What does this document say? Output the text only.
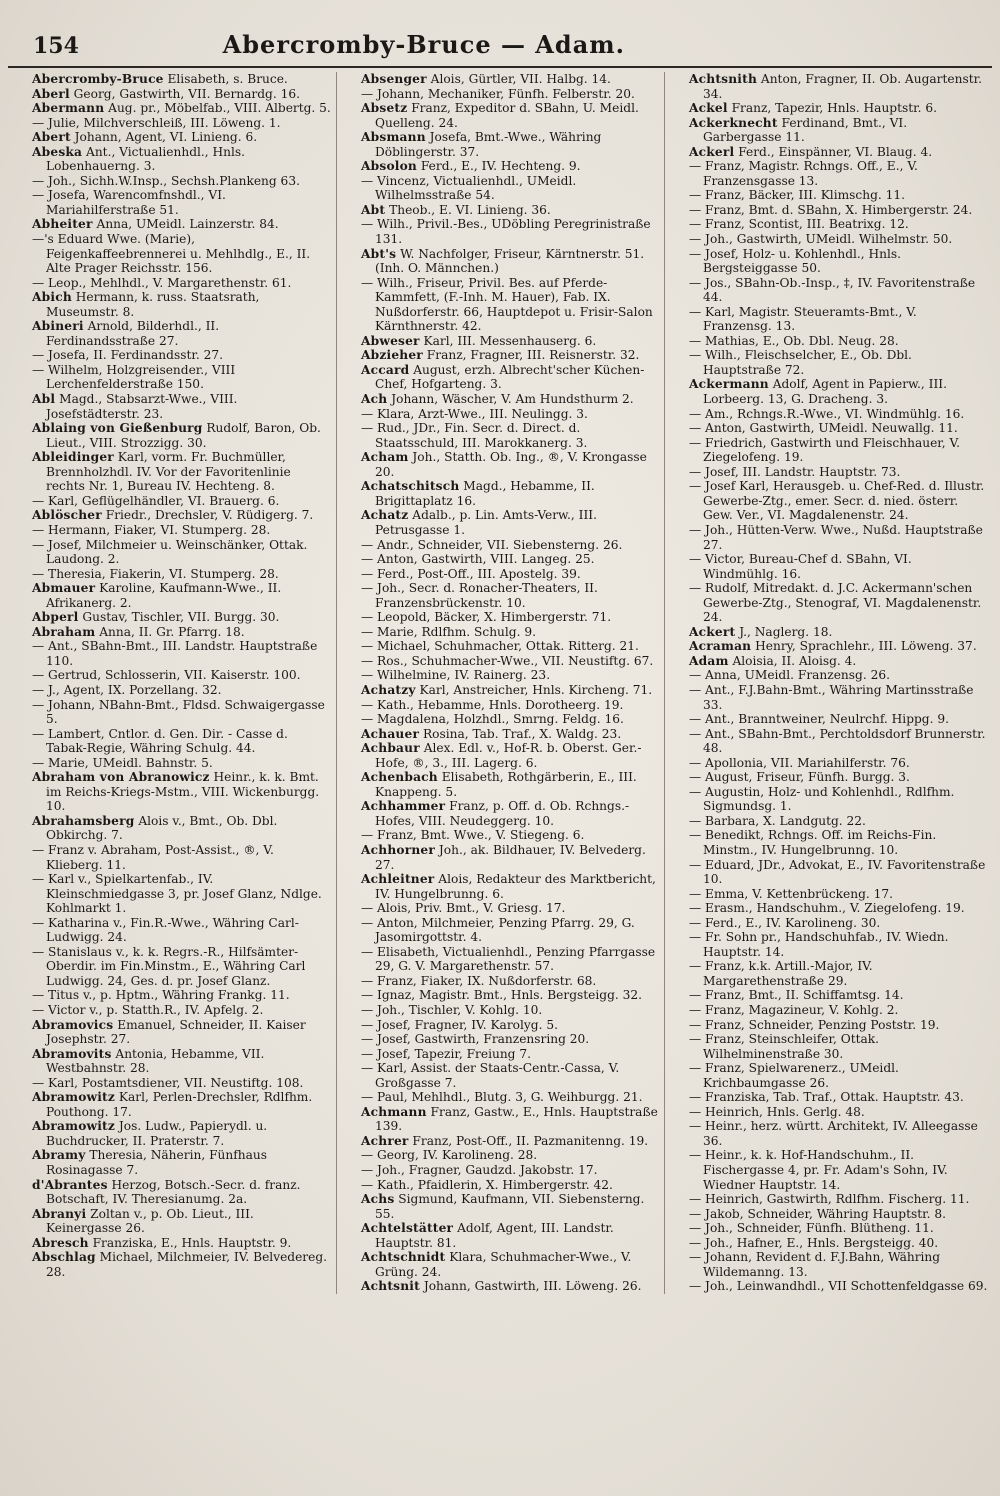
154	Abercromby-Bruce — Adam.

Abercromby-Bruce Elisabeth, s. Bruce.

Aberl Georg, Gastwirth, VII. Bernardg. 16.

Abermann Aug. pr., Möbelfab., VIII. Albertg. 5.

— Julie, Milchverschleiß, III. Löweng. 1.

Abert Johann, Agent, VI. Linieng. 6.

Abeska Ant., Victualienhdl., Hnls. Lobenhauerng. 3.

— Joh., Sichh.W.Insp., Sechsh.Plankeng 63.

— Josefa, Warencomfnshdl., VI. Mariahilferstraße 51.

Abheiter Anna, UMeidl. Lainzerstr. 84.

—'s Eduard Wwe. (Marie), Feigenkaffeebrennerei u. Mehlhdlg., E., II. Alte Prager Reichsstr. 156.

— Leop., Mehlhdl., V. Margarethenstr. 61.

Abich Hermann, k. russ. Staatsrath, Museumstr. 8.

Abineri Arnold, Bilderhdl., II. Ferdinandsstraße 27.

— Josefa, II. Ferdinandsstr. 27.

— Wilhelm, Holzgreisender., VIII Lerchenfelderstraße 150.

Abl Magd., Stabsarzt-Wwe., VIII. Josefstädterstr. 23.

Ablaing von Gießenburg Rudolf, Baron, Ob. Lieut., VIII. Strozzigg. 30.

Ableidinger Karl, vorm. Fr. Buchmüller, Brennholzhdl. IV. Vor der Favoritenlinie rechts Nr. 1, Bureau IV. Hechteng. 8.

— Karl, Geflügelhändler, VI. Brauerg. 6.

Ablöscher Friedr., Drechsler, V. Rüdigerg. 7.

— Hermann, Fiaker, VI. Stumperg. 28.

— Josef, Milchmeier u. Weinschänker, Ottak. Laudong. 2.

— Theresia, Fiakerin, VI. Stumperg. 28.

Abmauer Karoline, Kaufmann-Wwe., II. Afrikanerg. 2.

Abperl Gustav, Tischler, VII. Burgg. 30.

Abraham Anna, II. Gr. Pfarrg. 18.

— Ant., SBahn-Bmt., III. Landstr. Hauptstraße 110.

— Gertrud, Schlosserin, VII. Kaiserstr. 100.

— J., Agent, IX. Porzellang. 32.

— Johann, NBahn-Bmt., Fldsd. Schwaigergasse 5.

— Lambert, Cntlor. d. Gen. Dir. - Casse d. Tabak-Regie, Währing Schulg. 44.

— Marie, UMeidl. Bahnstr. 5.

Abraham von Abranowicz Heinr., k. k. Bmt. im Reichs-Kriegs-Mstm., VIII. Wickenburgg. 10.

Abrahamsberg Alois v., Bmt., Ob. Dbl. Obkirchg. 7.

— Franz v. Abraham, Post-Assist., ®, V. Klieberg. 11.

— Karl v., Spielkartenfab., IV. Kleinschmiedgasse 3, pr. Josef Glanz, Ndlge. Kohlmarkt 1.

— Katharina v., Fin.R.-Wwe., Währing Carl-Ludwigg. 24.

— Stanislaus v., k. k. Regrs.-R., Hilfsämter-Oberdir. im Fin.Minstm., E., Währing Carl Ludwigg. 24, Ges. d. pr. Josef Glanz.

— Titus v., p. Hptm., Währing Frankg. 11.

— Victor v., p. Statth.R., IV. Apfelg. 2.

Abramovics Emanuel, Schneider, II. Kaiser Josephstr. 27.

Abramovits Antonia, Hebamme, VII. Westbahnstr. 28.

— Karl, Postamtsdiener, VII. Neustiftg. 108.

Abramowitz Karl, Perlen-Drechsler, Rdlfhm. Pouthong. 17.

Abramowitz Jos. Ludw., Papierydl. u. Buchdrucker, II. Praterstr. 7.

Abramy Theresia, Näherin, Fünfhaus Rosinagasse 7.

d'Abrantes Herzog, Botsch.-Secr. d. franz. Botschaft, IV. Theresianumg. 2a.

Abranyi Zoltan v., p. Ob. Lieut., III. Keinergasse 26.

Abresch Franziska, E., Hnls. Hauptstr. 9.

Abschlag Michael, Milchmeier, IV. Belvedereg. 28.

Absenger Alois, Gürtler, VII. Halbg. 14.

— Johann, Mechaniker, Fünfh. Felberstr. 20.

Absetz Franz, Expeditor d. SBahn, U. Meidl. Quelleng. 24.

Absmann Josefa, Bmt.-Wwe., Währing Döblingerstr. 37.

Absolon Ferd., E., IV. Hechteng. 9.

— Vincenz, Victualienhdl., UMeidl. Wilhelmsstraße 54.

Abt Theob., E. VI. Linieng. 36.

— Wilh., Privil.-Bes., UDöbling Peregrinistraße 131.

Abt's W. Nachfolger, Friseur, Kärntnerstr. 51. (Inh. O. Männchen.)

— Wilh., Friseur, Privil. Bes. auf Pferde-Kammfett, (F.-Inh. M. Hauer), Fab. IX. Nußdorferstr. 66, Hauptdepot u. Frisir-Salon Kärnthnerstr. 42.

Abweser Karl, III. Messenhauserg. 6.

Abzieher Franz, Fragner, III. Reisnerstr. 32.

Accard August, erzh. Albrecht'scher Küchen-Chef, Hofgarteng. 3.

Ach Johann, Wäscher, V. Am Hundsthurm 2.

— Klara, Arzt-Wwe., III. Neulingg. 3.

— Rud., JDr., Fin. Secr. d. Direct. d. Staatsschuld, III. Marokkanerg. 3.

Acham Joh., Statth. Ob. Ing., ®, V. Krongasse 20.

Achatschitsch Magd., Hebamme, II. Brigittaplatz 16.

Achatz Adalb., p. Lin. Amts-Verw., III. Petrusgasse 1.

— Andr., Schneider, VII. Siebensterng. 26.

— Anton, Gastwirth, VIII. Langeg. 25.

— Ferd., Post-Off., III. Apostelg. 39.

— Joh., Secr. d. Ronacher-Theaters, II. Franzensbrückenstr. 10.

— Leopold, Bäcker, X. Himbergerstr. 71.

— Marie, Rdlfhm. Schulg. 9.

— Michael, Schuhmacher, Ottak. Ritterg. 21.

— Ros., Schuhmacher-Wwe., VII. Neustiftg. 67.

— Wilhelmine, IV. Rainerg. 23.

Achatzy Karl, Anstreicher, Hnls. Kircheng. 71.

— Kath., Hebamme, Hnls. Dorotheerg. 19.

— Magdalena, Holzhdl., Smrng. Feldg. 16.

Achauer Rosina, Tab. Traf., X. Waldg. 23.

Achbaur Alex. Edl. v., Hof-R. b. Oberst. Ger.-Hofe, ®, 3., III. Lagerg. 6.

Achenbach Elisabeth, Rothgärberin, E., III. Knappeng. 5.

Achhammer Franz, p. Off. d. Ob. Rchngs.-Hofes, VIII. Neudeggerg. 10.

— Franz, Bmt. Wwe., V. Stiegeng. 6.

Achhorner Joh., ak. Bildhauer, IV. Belvederg. 27.

Achleitner Alois, Redakteur des Marktbericht, IV. Hungelbrunng. 6.

— Alois, Priv. Bmt., V. Griesg. 17.

— Anton, Milchmeier, Penzing Pfarrg. 29, G. Jasomirgottstr. 4.

— Elisabeth, Victualienhdl., Penzing Pfarrgasse 29, G. V. Margarethenstr. 57.

— Franz, Fiaker, IX. Nußdorferstr. 68.

— Ignaz, Magistr. Bmt., Hnls. Bergsteigg. 32.

— Joh., Tischler, V. Kohlg. 10.

— Josef, Fragner, IV. Karolyg. 5.

— Josef, Gastwirth, Franzensring 20.

— Josef, Tapezir, Freiung 7.

— Karl, Assist. der Staats-Centr.-Cassa, V. Großgasse 7.

— Paul, Mehlhdl., Blutg. 3, G. Weihburgg. 21.

Achmann Franz, Gastw., E., Hnls. Hauptstraße 139.

Achrer Franz, Post-Off., II. Pazmanitenng. 19.

— Georg, IV. Karolineng. 28.

— Joh., Fragner, Gaudzd. Jakobstr. 17.

— Kath., Pfaidlerin, X. Himbergerstr. 42.

Achs Sigmund, Kaufmann, VII. Siebensterng. 55.

Achtelstätter Adolf, Agent, III. Landstr. Hauptstr. 81.

Achtschnidt Klara, Schuhmacher-Wwe., V. Grüng. 24.

Achtsnit Johann, Gastwirth, III. Löweng. 26.

Achtsnith Anton, Fragner, II. Ob. Augartenstr. 34.

Ackel Franz, Tapezir, Hnls. Hauptstr. 6.

Ackerknecht Ferdinand, Bmt., VI. Garbergasse 11.

Ackerl Ferd., Einspänner, VI. Blaug. 4.

— Franz, Magistr. Rchngs. Off., E., V. Franzensgasse 13.

— Franz, Bäcker, III. Klimschg. 11.

— Franz, Bmt. d. SBahn, X. Himbergerstr. 24.

— Franz, Scontist, III. Beatrixg. 12.

— Joh., Gastwirth, UMeidl. Wilhelmstr. 50.

— Josef, Holz- u. Kohlenhdl., Hnls. Bergsteiggasse 50.

— Jos., SBahn-Ob.-Insp., ‡, IV. Favoritenstraße 44.

— Karl, Magistr. Steueramts-Bmt., V. Franzensg. 13.

— Mathias, E., Ob. Dbl. Neug. 28.

— Wilh., Fleischselcher, E., Ob. Dbl. Hauptstraße 72.

Ackermann Adolf, Agent in Papierw., III. Lorbeerg. 13, G. Dracheng. 3.

— Am., Rchngs.R.-Wwe., VI. Windmühlg. 16.

— Anton, Gastwirth, UMeidl. Neuwallg. 11.

— Friedrich, Gastwirth und Fleischhauer, V. Ziegelofeng. 19.

— Josef, III. Landstr. Hauptstr. 73.

— Josef Karl, Herausgeb. u. Chef-Red. d. Illustr. Gewerbe-Ztg., emer. Secr. d. nied. österr. Gew. Ver., VI. Magdalenenstr. 24.

— Joh., Hütten-Verw. Wwe., Nußd. Hauptstraße 27.

— Victor, Bureau-Chef d. SBahn, VI. Windmühlg. 16.

— Rudolf, Mitredakt. d. J.C. Ackermann'schen Gewerbe-Ztg., Stenograf, VI. Magdalenenstr. 24.

Ackert J., Naglerg. 18.

Acraman Henry, Sprachlehr., III. Löweng. 37.

Adam Aloisia, II. Aloisg. 4.

— Anna, UMeidl. Franzensg. 26.

— Ant., F.J.Bahn-Bmt., Währing Martinsstraße 33.

— Ant., Branntweiner, Neulrchf. Hippg. 9.

— Ant., SBahn-Bmt., Perchtoldsdorf Brunnerstr. 48.

— Apollonia, VII. Mariahilferstr. 76.

— August, Friseur, Fünfh. Burgg. 3.

— Augustin, Holz- und Kohlenhdl., Rdlfhm. Sigmundsg. 1.

— Barbara, X. Landgutg. 22.

— Benedikt, Rchngs. Off. im Reichs-Fin. Minstm., IV. Hungelbrunng. 10.

— Eduard, JDr., Advokat, E., IV. Favoritenstraße 10.

— Emma, V. Kettenbrückeng. 17.

— Erasm., Handschuhm., V. Ziegelofeng. 19.

— Ferd., E., IV. Karolineng. 30.

— Fr. Sohn pr., Handschuhfab., IV. Wiedn. Hauptstr. 14.

— Franz, k.k. Artill.-Major, IV. Margarethenstraße 29.

— Franz, Bmt., II. Schiffamtsg. 14.

— Franz, Magazineur, V. Kohlg. 2.

— Franz, Schneider, Penzing Poststr. 19.

— Franz, Steinschleifer, Ottak. Wilhelminenstraße 30.

— Franz, Spielwarenerz., UMeidl. Krichbaumgasse 26.

— Franziska, Tab. Traf., Ottak. Hauptstr. 43.

— Heinrich, Hnls. Gerlg. 48.

— Heinr., herz. württ. Architekt, IV. Alleegasse 36.

— Heinr., k. k. Hof-Handschuhm., II. Fischergasse 4, pr. Fr. Adam's Sohn, IV. Wiedner Hauptstr. 14.

— Heinrich, Gastwirth, Rdlfhm. Fischerg. 11.

— Jakob, Schneider, Währing Hauptstr. 8.

— Joh., Schneider, Fünfh. Blütheng. 11.

— Joh., Hafner, E., Hnls. Bergsteigg. 40.

— Johann, Revident d. F.J.Bahn, Währing Wildemanng. 13.

— Joh., Leinwandhdl., VII Schottenfeldgasse 69.
